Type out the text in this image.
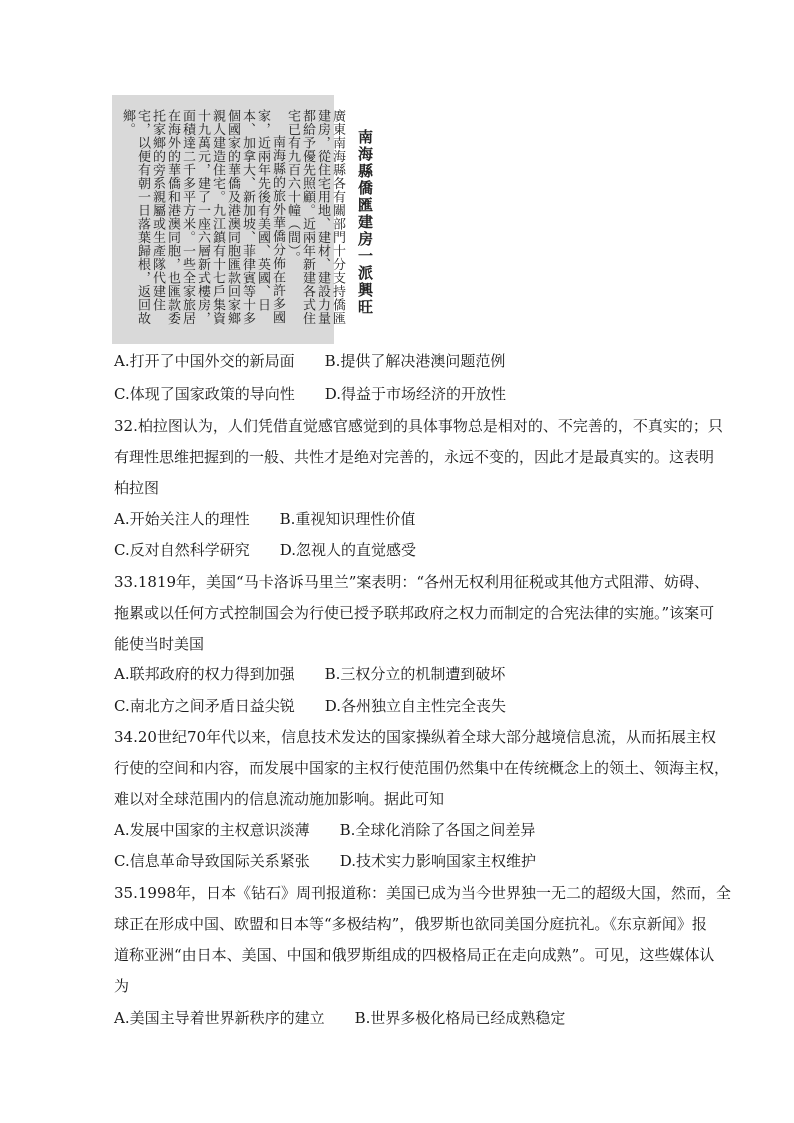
南海縣僑匯建房一派興旺
廣東南海縣各有關部門十分支持僑匯建房，從住宅用地、建材、建設力量都給予優先照顧。近兩年新建各式住宅已有九百六十幢（間）。
南海縣的旅外華僑分佈在許多國家，近兩年先後有美國、英國、日本、加拿大、新加坡、菲律賓等十多個國家的華僑及港澳同胞匯款回家鄉親人建造住宅。九江鎮有十七戶集資十九萬元，建了一座六層新式樓房，面積達二千多平方米。一些全家旅居在海外的華僑和港澳同胞，也匯款委托家鄉的旁系親屬或生產隊代建住宅，以便有朝一日落葉歸根，返回故鄉。
A.打开了中国外交的新局面 B.提供了解决港澳问题范例
C.体现了国家政策的导向性 D.得益于市场经济的开放性
32.柏拉图认为，人们凭借直觉感官感觉到的具体事物总是相对的、不完善的，不真实的；只
有理性思维把握到的一般、共性才是绝对完善的，永远不变的，因此才是最真实的。这表明
柏拉图
A.开始关注人的理性 B.重视知识理性价值
C.反对自然科学研究 D.忽视人的直觉感受
33.1819年，美国“马卡洛诉马里兰”案表明：“各州无权利用征税或其他方式阻滞、妨碍、
拖累或以任何方式控制国会为行使已授予联邦政府之权力而制定的合宪法律的实施。”该案可
能使当时美国
A.联邦政府的权力得到加强 B.三权分立的机制遭到破坏
C.南北方之间矛盾日益尖锐 D.各州独立自主性完全丧失
34.20世纪70年代以来，信息技术发达的国家操纵着全球大部分越境信息流，从而拓展主权
行使的空间和内容，而发展中国家的主权行使范围仍然集中在传统概念上的领土、领海主权，
难以对全球范围内的信息流动施加影响。据此可知
A.发展中国家的主权意识淡薄 B.全球化消除了各国之间差异
C.信息革命导致国际关系紧张 D.技术实力影响国家主权维护
35.1998年，日本《钻石》周刊报道称：美国已成为当今世界独一无二的超级大国，然而，全
球正在形成中国、欧盟和日本等“多极结构”，俄罗斯也欲同美国分庭抗礼。《东京新闻》报
道称亚洲“由日本、美国、中国和俄罗斯组成的四极格局正在走向成熟”。可见，这些媒体认
为
A.美国主导着世界新秩序的建立 B.世界多极化格局已经成熟稳定
